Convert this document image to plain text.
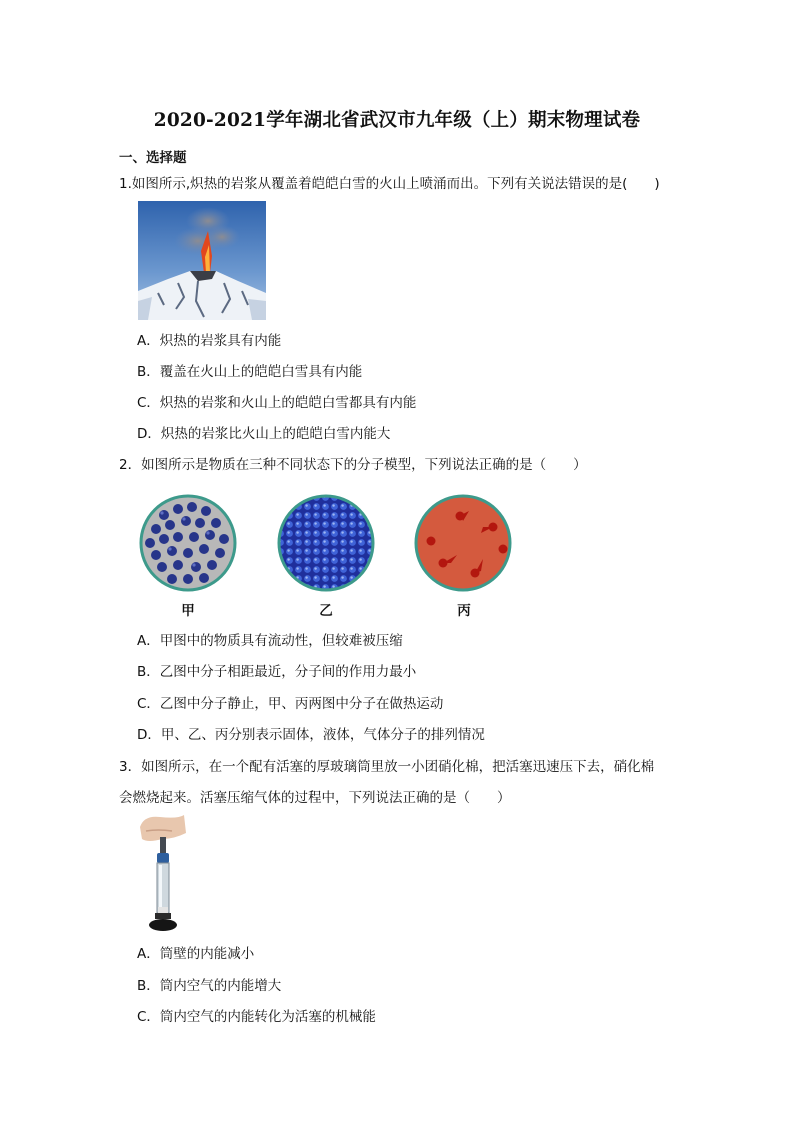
2020-2021学年湖北省武汉市九年级（上）期末物理试卷
一、选择题
1.如图所示,炽热的岩浆从覆盖着皑皑白雪的火山上喷涌而出。下列有关说法错误的是(　　)
A．炽热的岩浆具有内能
B．覆盖在火山上的皑皑白雪具有内能
C．炽热的岩浆和火山上的皑皑白雪都具有内能
D．炽热的岩浆比火山上的皑皑白雪内能大
2．如图所示是物质在三种不同状态下的分子模型，下列说法正确的是（　　）
甲	乙	丙
A．甲图中的物质具有流动性，但较难被压缩
B．乙图中分子相距最近，分子间的作用力最小
C．乙图中分子静止，甲、丙两图中分子在做热运动
D．甲、乙、丙分别表示固体，液体，气体分子的排列情况
3．如图所示，在一个配有活塞的厚玻璃筒里放一小团硝化棉，把活塞迅速压下去，硝化棉
会燃烧起来。活塞压缩气体的过程中，下列说法正确的是（　　）
A．筒壁的内能减小
B．筒内空气的内能增大
C．筒内空气的内能转化为活塞的机械能
